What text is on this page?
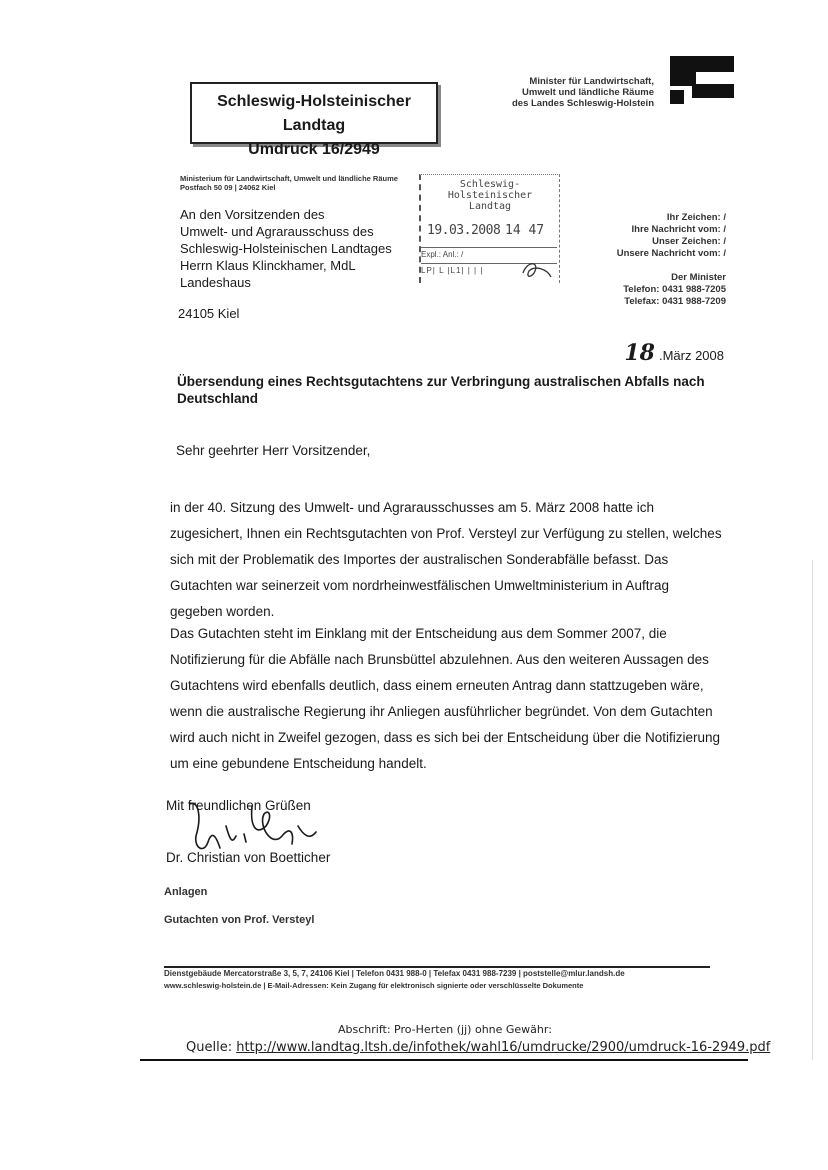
Schleswig-Holsteinischer Landtag
Umdruck 16/2949
Minister für Landwirtschaft,
Umwelt und ländliche Räume
des Landes Schleswig-Holstein
Ministerium für Landwirtschaft, Umwelt und ländliche Räume
Postfach 50 09 | 24062 Kiel
An den Vorsitzenden des
Umwelt- und Agrarausschuss des
Schleswig-Holsteinischen Landtages
Herrn Klaus Klinckhamer, MdL
Landeshaus
24105 Kiel
Schleswig-Holsteinischer Landtag
19.03.2008 14 47
Expl.: Anl.: /
LP| L |L1| | | |
Ihr Zeichen: /
Ihre Nachricht vom: /
Unser Zeichen: /
Unsere Nachricht vom: /
Der Minister
Telefon: 0431 988-7205
Telefax: 0431 988-7209
18 .März 2008
Übersendung eines Rechtsgutachtens zur Verbringung australischen Abfalls nach Deutschland
Sehr geehrter Herr Vorsitzender,
in der 40. Sitzung des Umwelt- und Agrarausschusses am 5. März 2008 hatte ich zugesichert, Ihnen ein Rechtsgutachten von Prof. Versteyl zur Verfügung zu stellen, welches sich mit der Problematik des Importes der australischen Sonderabfälle befasst. Das Gutachten war seinerzeit vom nordrheinwestfälischen Umweltministerium in Auftrag gegeben worden.
Das Gutachten steht im Einklang mit der Entscheidung aus dem Sommer 2007, die Notifizierung für die Abfälle nach Brunsbüttel abzulehnen. Aus den weiteren Aussagen des Gutachtens wird ebenfalls deutlich, dass einem erneuten Antrag dann stattzugeben wäre, wenn die australische Regierung ihr Anliegen ausführlicher begründet. Von dem Gutachten wird auch nicht in Zweifel gezogen, dass es sich bei der Entscheidung über die Notifizierung um eine gebundene Entscheidung handelt.
Mit freundlichen Grüßen
Dr. Christian von Boetticher
Anlagen
Gutachten von Prof. Versteyl
Dienstgebäude Mercatorstraße 3, 5, 7, 24106 Kiel | Telefon 0431 988-0 | Telefax 0431 988-7239 | poststelle@mlur.landsh.de
www.schleswig-holstein.de | E-Mail-Adressen: Kein Zugang für elektronisch signierte oder verschlüsselte Dokumente
Abschrift: Pro-Herten (jj) ohne Gewähr:
Quelle: http://www.landtag.ltsh.de/infothek/wahl16/umdrucke/2900/umdruck-16-2949.pdf
